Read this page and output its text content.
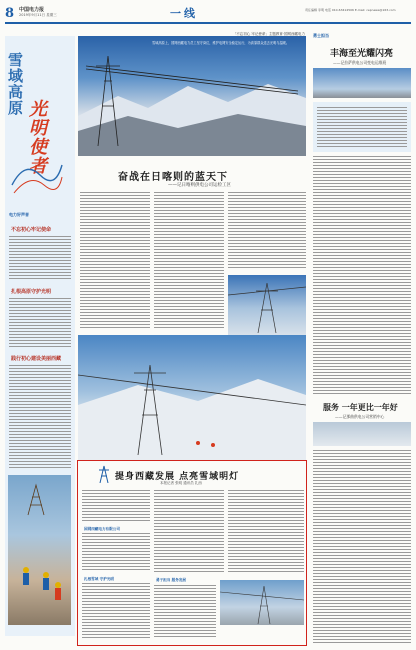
8 中国电力报
2019年9月11日 星期三	一线	责任编辑 李明 电话 010-63414506 E-mail: cepnews@163.com
「不忘初心 牢记使命」主题教育·国网西藏电力
雪域高原 光明使者
电力好声音
不忘初心牢记使命
扎根高原守护光明
践行初心建设美丽西藏
雪域高原上，国网西藏电力员工坚守岗位，维护电网安全稳定运行，为高原群众送去光明与温暖。
奋战在日喀则的蓝天下
——记日喀则供电公司运检工区
提身西藏发展 点亮雪域明灯
本报记者 张明 通讯员 扎西
国网西藏电力有限公司
扎根雪域 守护光明	勇于担当 服务发展
勇士担当
丰海至光耀闪亮
——记拉萨供电公司变电运维班
服务 一年更比一年好
——记那曲供电公司营销中心
